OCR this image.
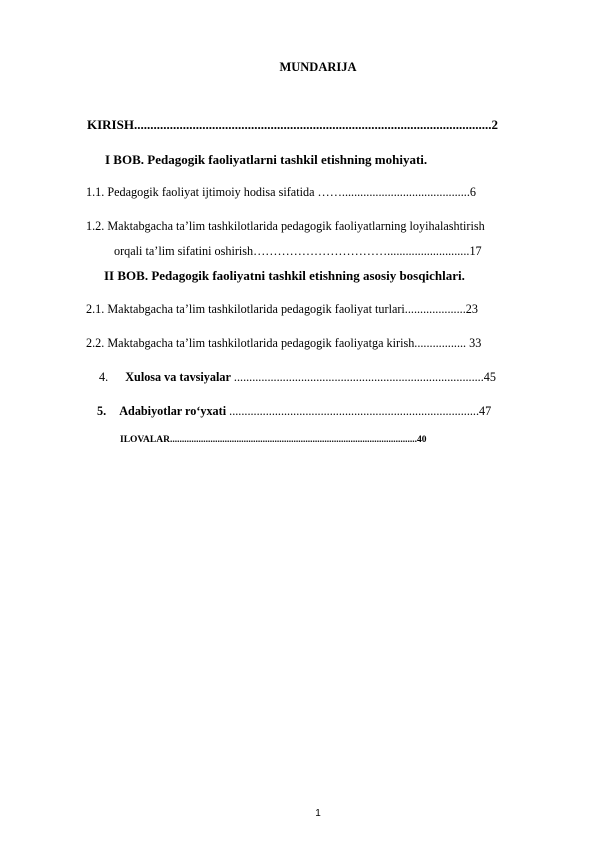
MUNDARIJA
KIRISH..............................................................................................................2
I BOB. Pedagogik faoliyatlarni tashkil etishning mohiyati.
1.1. Pedagogik faoliyat ijtimoiy hodisa sifatida ……..........................................6
1.2. Maktabgacha ta’lim tashkilotlarida pedagogik faoliyatlarning loyihalashtirish
orqali ta’lim sifatini oshirish……………………………...........................17
II BOB. Pedagogik faoliyatni tashkil etishning asosiy bosqichlari.
2.1. Maktabgacha ta’lim tashkilotlarida pedagogik faoliyat turlari....................23
2.2. Maktabgacha ta’lim tashkilotlarida pedagogik faoliyatga kirish................. 33
4. Xulosa va tavsiyalar ..................................................................................45
5. Adabiyotlar ro‘yxati ..................................................................................47
ILOVALAR........................................................................................................40
1
